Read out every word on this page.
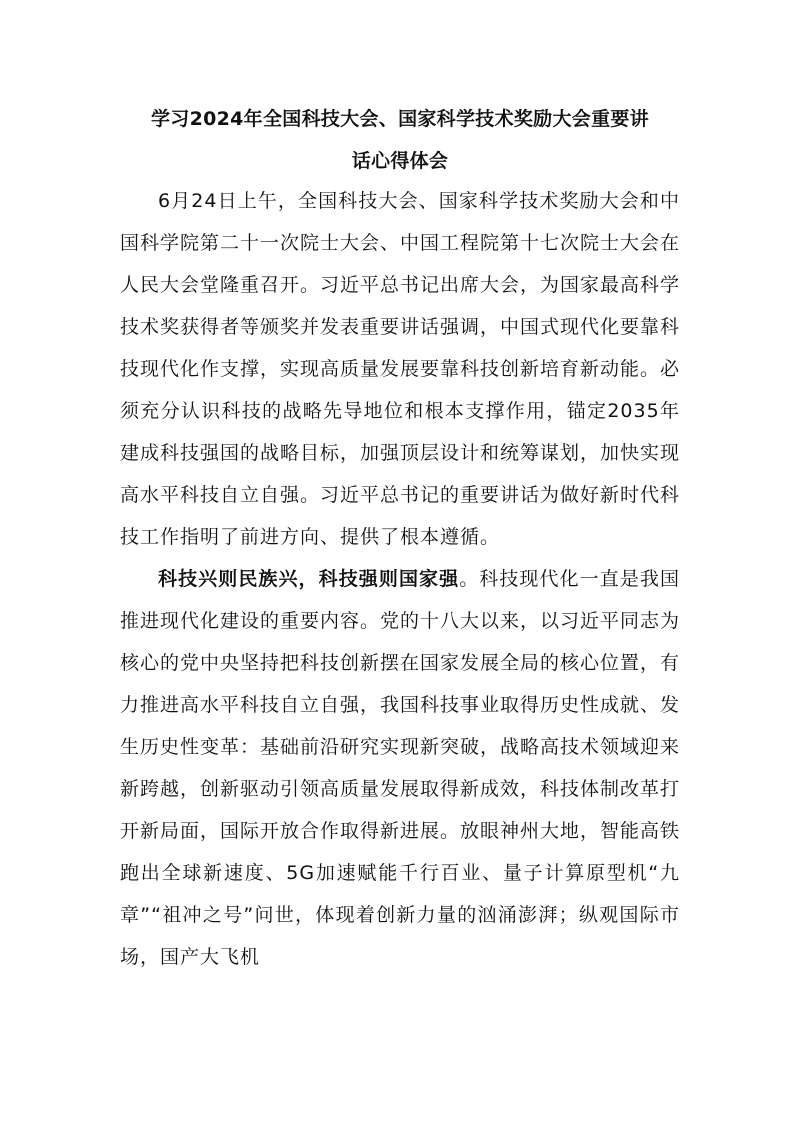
学习2024年全国科技大会、国家科学技术奖励大会重要讲
话心得体会

6月24日上午，全国科技大会、国家科学技术奖励大会和中国科学院第二十一次院士大会、中国工程院第十七次院士大会在人民大会堂隆重召开。习近平总书记出席大会，为国家最高科学技术奖获得者等颁奖并发表重要讲话强调，中国式现代化要靠科技现代化作支撑，实现高质量发展要靠科技创新培育新动能。必须充分认识科技的战略先导地位和根本支撑作用，锚定2035年建成科技强国的战略目标，加强顶层设计和统筹谋划，加快实现高水平科技自立自强。习近平总书记的重要讲话为做好新时代科技工作指明了前进方向、提供了根本遵循。

科技兴则民族兴，科技强则国家强。科技现代化一直是我国推进现代化建设的重要内容。党的十八大以来，以习近平同志为核心的党中央坚持把科技创新摆在国家发展全局的核心位置，有力推进高水平科技自立自强，我国科技事业取得历史性成就、发生历史性变革：基础前沿研究实现新突破，战略高技术领域迎来新跨越，创新驱动引领高质量发展取得新成效，科技体制改革打开新局面，国际开放合作取得新进展。放眼神州大地，智能高铁跑出全球新速度、5G加速赋能千行百业、量子计算原型机“九章”“祖冲之号”问世，体现着创新力量的汹涌澎湃；纵观国际市场，国产大飞机
